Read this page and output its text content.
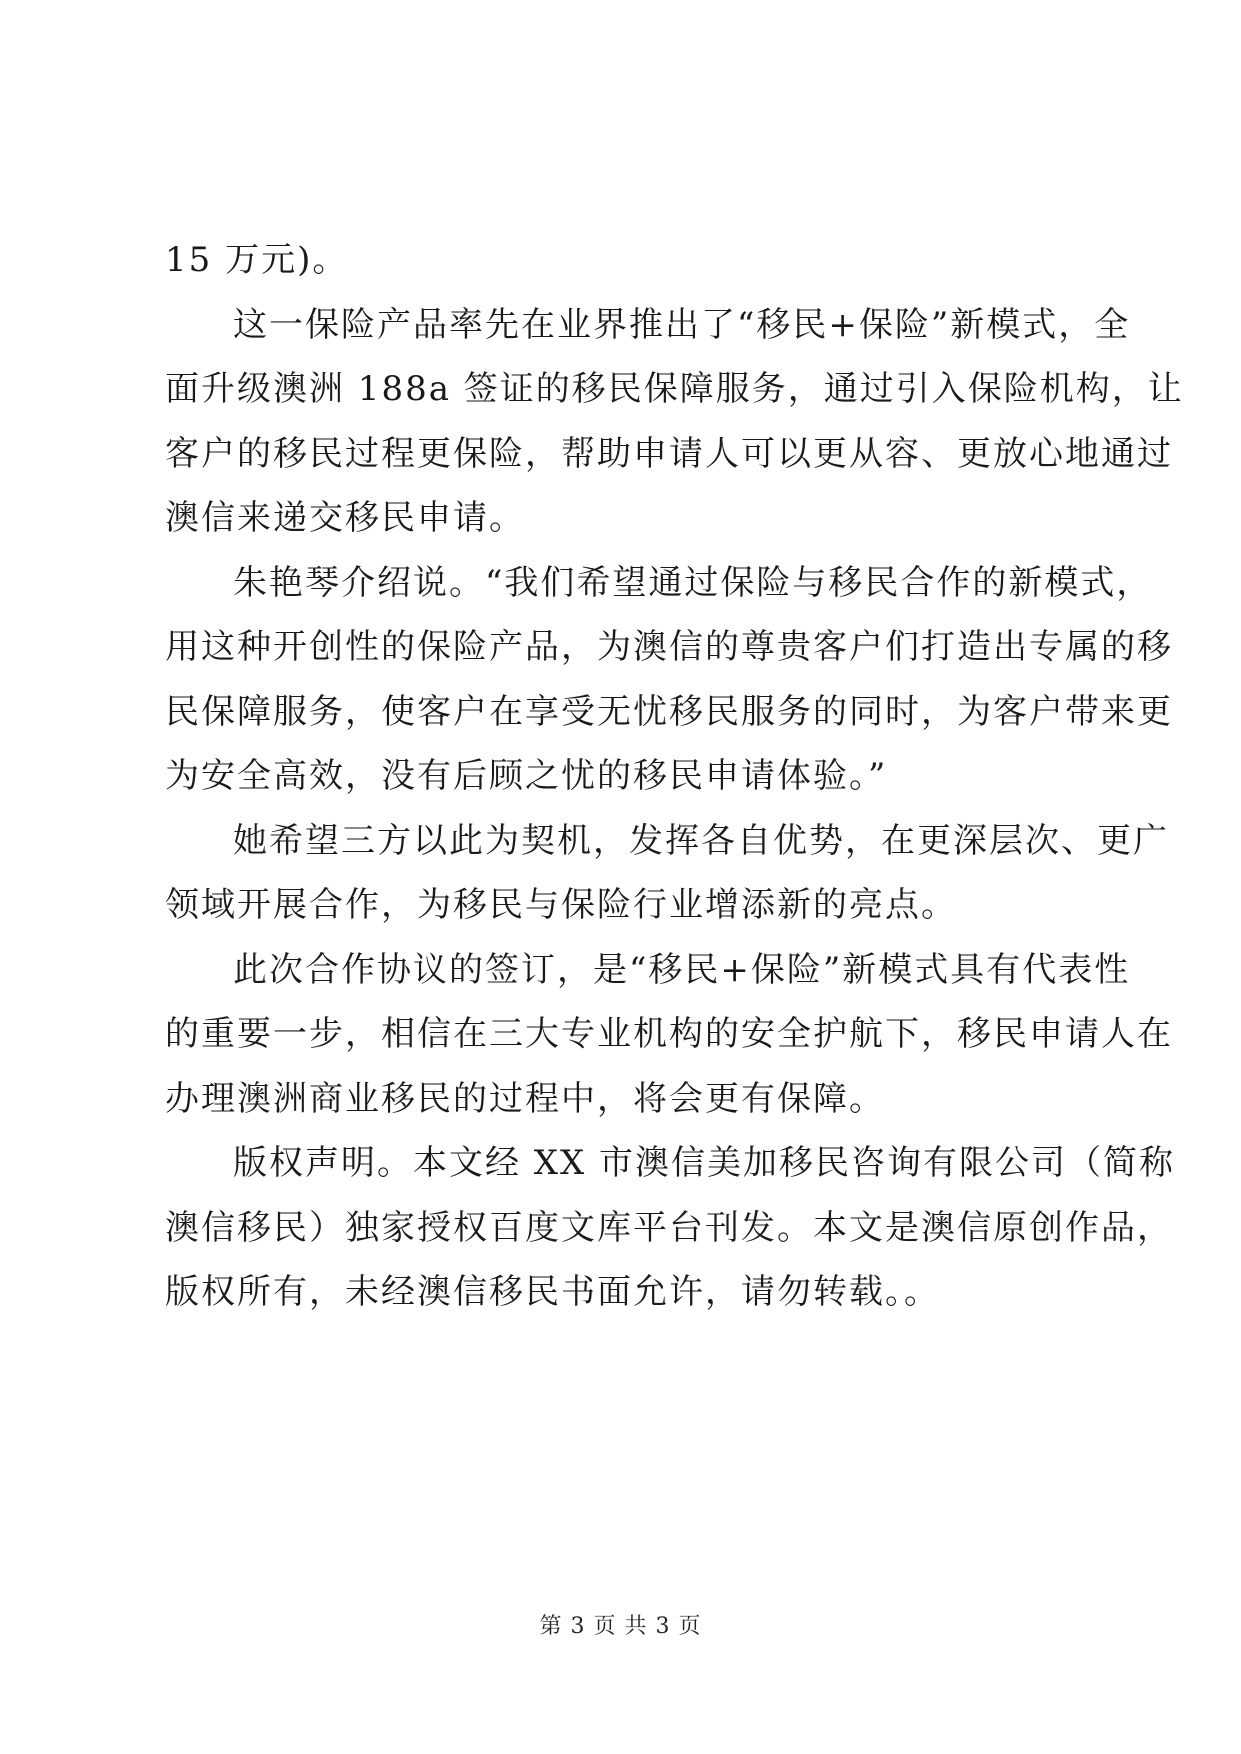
15 万元)。

这一保险产品率先在业界推出了“移民+保险”新模式，全
面升级澳洲 188a 签证的移民保障服务，通过引入保险机构，让
客户的移民过程更保险，帮助申请人可以更从容、更放心地通过
澳信来递交移民申请。

朱艳琴介绍说。“我们希望通过保险与移民合作的新模式，
用这种开创性的保险产品，为澳信的尊贵客户们打造出专属的移
民保障服务，使客户在享受无忧移民服务的同时，为客户带来更
为安全高效，没有后顾之忧的移民申请体验。”

她希望三方以此为契机，发挥各自优势，在更深层次、更广
领域开展合作，为移民与保险行业增添新的亮点。

此次合作协议的签订，是“移民+保险”新模式具有代表性
的重要一步，相信在三大专业机构的安全护航下，移民申请人在
办理澳洲商业移民的过程中，将会更有保障。

版权声明。本文经 XX 市澳信美加移民咨询有限公司（简称
澳信移民）独家授权百度文库平台刊发。本文是澳信原创作品，
版权所有，未经澳信移民书面允许，请勿转载。。

第 3 页 共 3 页
